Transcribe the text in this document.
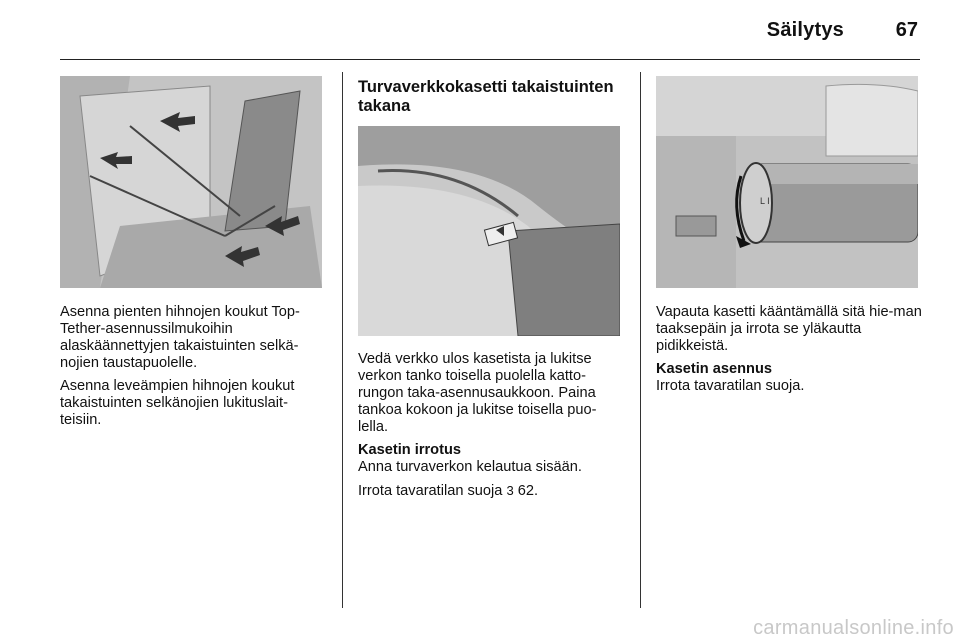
Säilytys	67

Asenna pienten hihnojen koukut Top-Tether-asennussilmukoihin alaskäännettyjen takaistuinten selkä-nojien taustapuolelle.

Asenna leveämpien hihnojen koukut takaistuinten selkänojien lukituslait-teisiin.

Turvaverkkokasetti takaistuinten takana

Vedä verkko ulos kasetista ja lukitse verkon tanko toisella puolella katto-rungon taka-asennusaukkoon. Paina tankoa kokoon ja lukitse toisella puo-lella.

Kasetin irrotus

Anna turvaverkon kelautua sisään.

Irrota tavaratilan suoja 3 62.

L I

Vapauta kasetti kääntämällä sitä hie-man taaksepäin ja irrota se yläkautta pidikkeistä.

Kasetin asennus

Irrota tavaratilan suoja.

carmanualsonline.info
